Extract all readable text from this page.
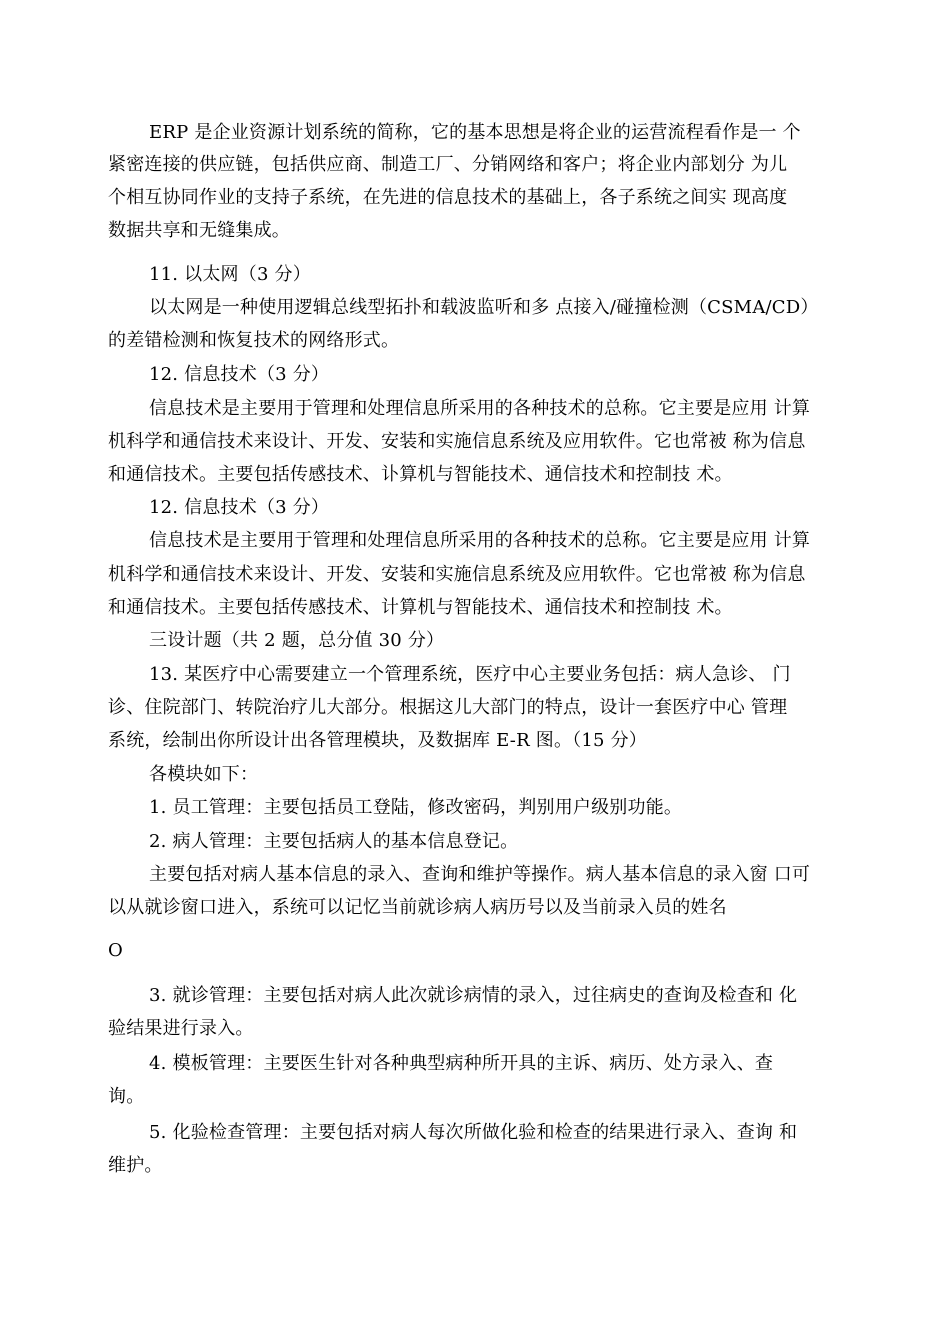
ERP 是企业资源计划系统的简称，它的基本思想是将企业的运营流程看作是一 个
紧密连接的供应链，包括供应商、制造工厂、分销网络和客户；将企业内部划分 为儿
个相互协同作业的支持子系统，在先进的信息技术的基础上，各子系统之间实 现高度
数据共享和无缝集成。
11. 以太网（3 分）
以太网是一种使用逻辑总线型拓扑和载波监听和多 点接入/碰撞检测（CSMA/CD）
的差错检测和恢复技术的网络形式。
12. 信息技术（3 分）
信息技术是主要用于管理和处理信息所采用的各种技术的总称。它主要是应用 计算
机科学和通信技术来设计、开发、安装和实施信息系统及应用软件。它也常被 称为信息
和通信技术。主要包括传感技术、讣算机与智能技术、通信技术和控制技 术。
12. 信息技术（3 分）
信息技术是主要用于管理和处理信息所采用的各种技术的总称。它主要是应用 计算
机科学和通信技术来设计、开发、安装和实施信息系统及应用软件。它也常被 称为信息
和通信技术。主要包括传感技术、计算机与智能技术、通信技术和控制技 术。
三设计题（共 2 题，总分值 30 分）
13. 某医疗中心需要建立一个管理系统，医疗中心主要业务包括：病人急诊、 门
诊、住院部门、转院治疗儿大部分。根据这儿大部门的特点，设计一套医疗中心 管理
系统，绘制出你所设计出各管理模块，及数据库 E-R 图。（15 分）
各模块如下：
1. 员工管理：主要包括员工登陆，修改密码，判别用户级别功能。
2. 病人管理：主要包括病人的基本信息登记。
主要包括对病人基本信息的录入、查询和维护等操作。病人基本信息的录入窗 口可
以从就诊窗口进入，系统可以记忆当前就诊病人病历号以及当前录入员的姓名
O
3. 就诊管理：主要包括对病人此次就诊病情的录入，过往病史的查询及检查和 化
验结果进行录入。
4. 模板管理：主要医生针对各种典型病种所开具的主诉、病历、处方录入、查
询。
5. 化验检查管理：主要包括对病人每次所做化验和检查的结果进行录入、查询 和
维护。
